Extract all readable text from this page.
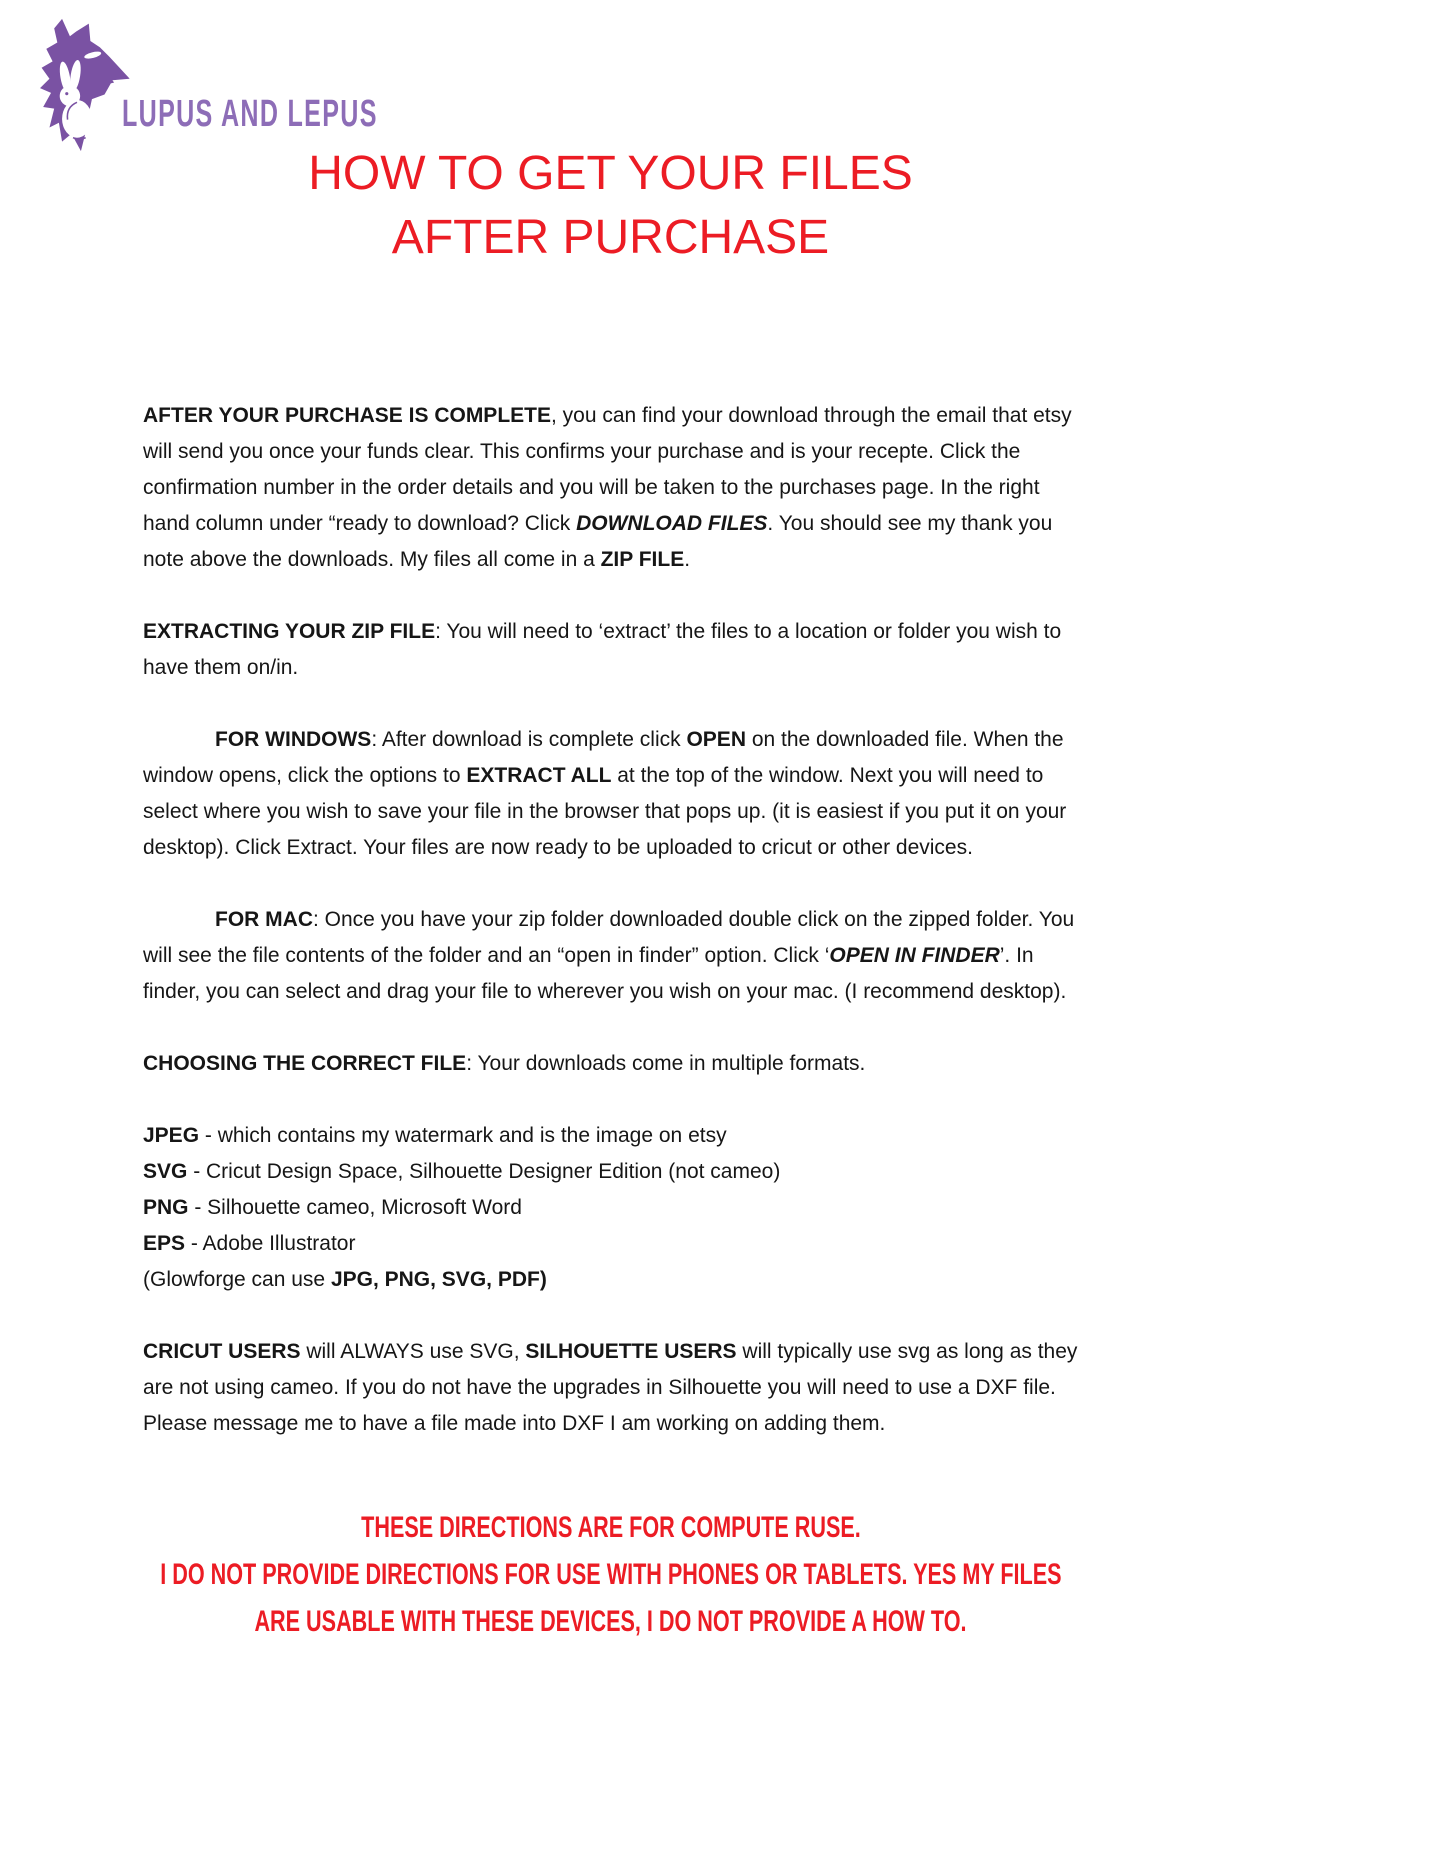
LUPUS AND LEPUS
HOW TO GET YOUR FILES
AFTER PURCHASE

AFTER YOUR PURCHASE IS COMPLETE, you can find your download through the email that etsy will send you once your funds clear. This confirms your purchase and is your recepte. Click the confirmation number in the order details and you will be taken to the purchases page. In the right hand column under “ready to download? Click DOWNLOAD FILES. You should see my thank you note above the downloads. My files all come in a ZIP FILE.

EXTRACTING YOUR ZIP FILE: You will need to ‘extract’ the files to a location or folder you wish to have them on/in.

FOR WINDOWS: After download is complete click OPEN on the downloaded file. When the window opens, click the options to EXTRACT ALL at the top of the window. Next you will need to select where you wish to save your file in the browser that pops up. (it is easiest if you put it on your desktop). Click Extract. Your files are now ready to be uploaded to cricut or other devices.

FOR MAC: Once you have your zip folder downloaded double click on the zipped folder. You will see the file contents of the folder and an “open in finder” option. Click ‘OPEN IN FINDER’. In finder, you can select and drag your file to wherever you wish on your mac. (I recommend desktop).

CHOOSING THE CORRECT FILE: Your downloads come in multiple formats.

JPEG - which contains my watermark and is the image on etsy

SVG - Cricut Design Space, Silhouette Designer Edition (not cameo)

PNG - Silhouette cameo, Microsoft Word

EPS - Adobe Illustrator

(Glowforge can use JPG, PNG, SVG, PDF)

CRICUT USERS will ALWAYS use SVG, SILHOUETTE USERS will typically use svg as long as they are not using cameo. If you do not have the upgrades in Silhouette you will need to use a DXF file. Please message me to have a file made into DXF I am working on adding them.

THESE DIRECTIONS ARE FOR COMPUTE RUSE.
I DO NOT PROVIDE DIRECTIONS FOR USE WITH PHONES OR TABLETS. YES MY FILES
ARE USABLE WITH THESE DEVICES, I DO NOT PROVIDE A HOW TO.
